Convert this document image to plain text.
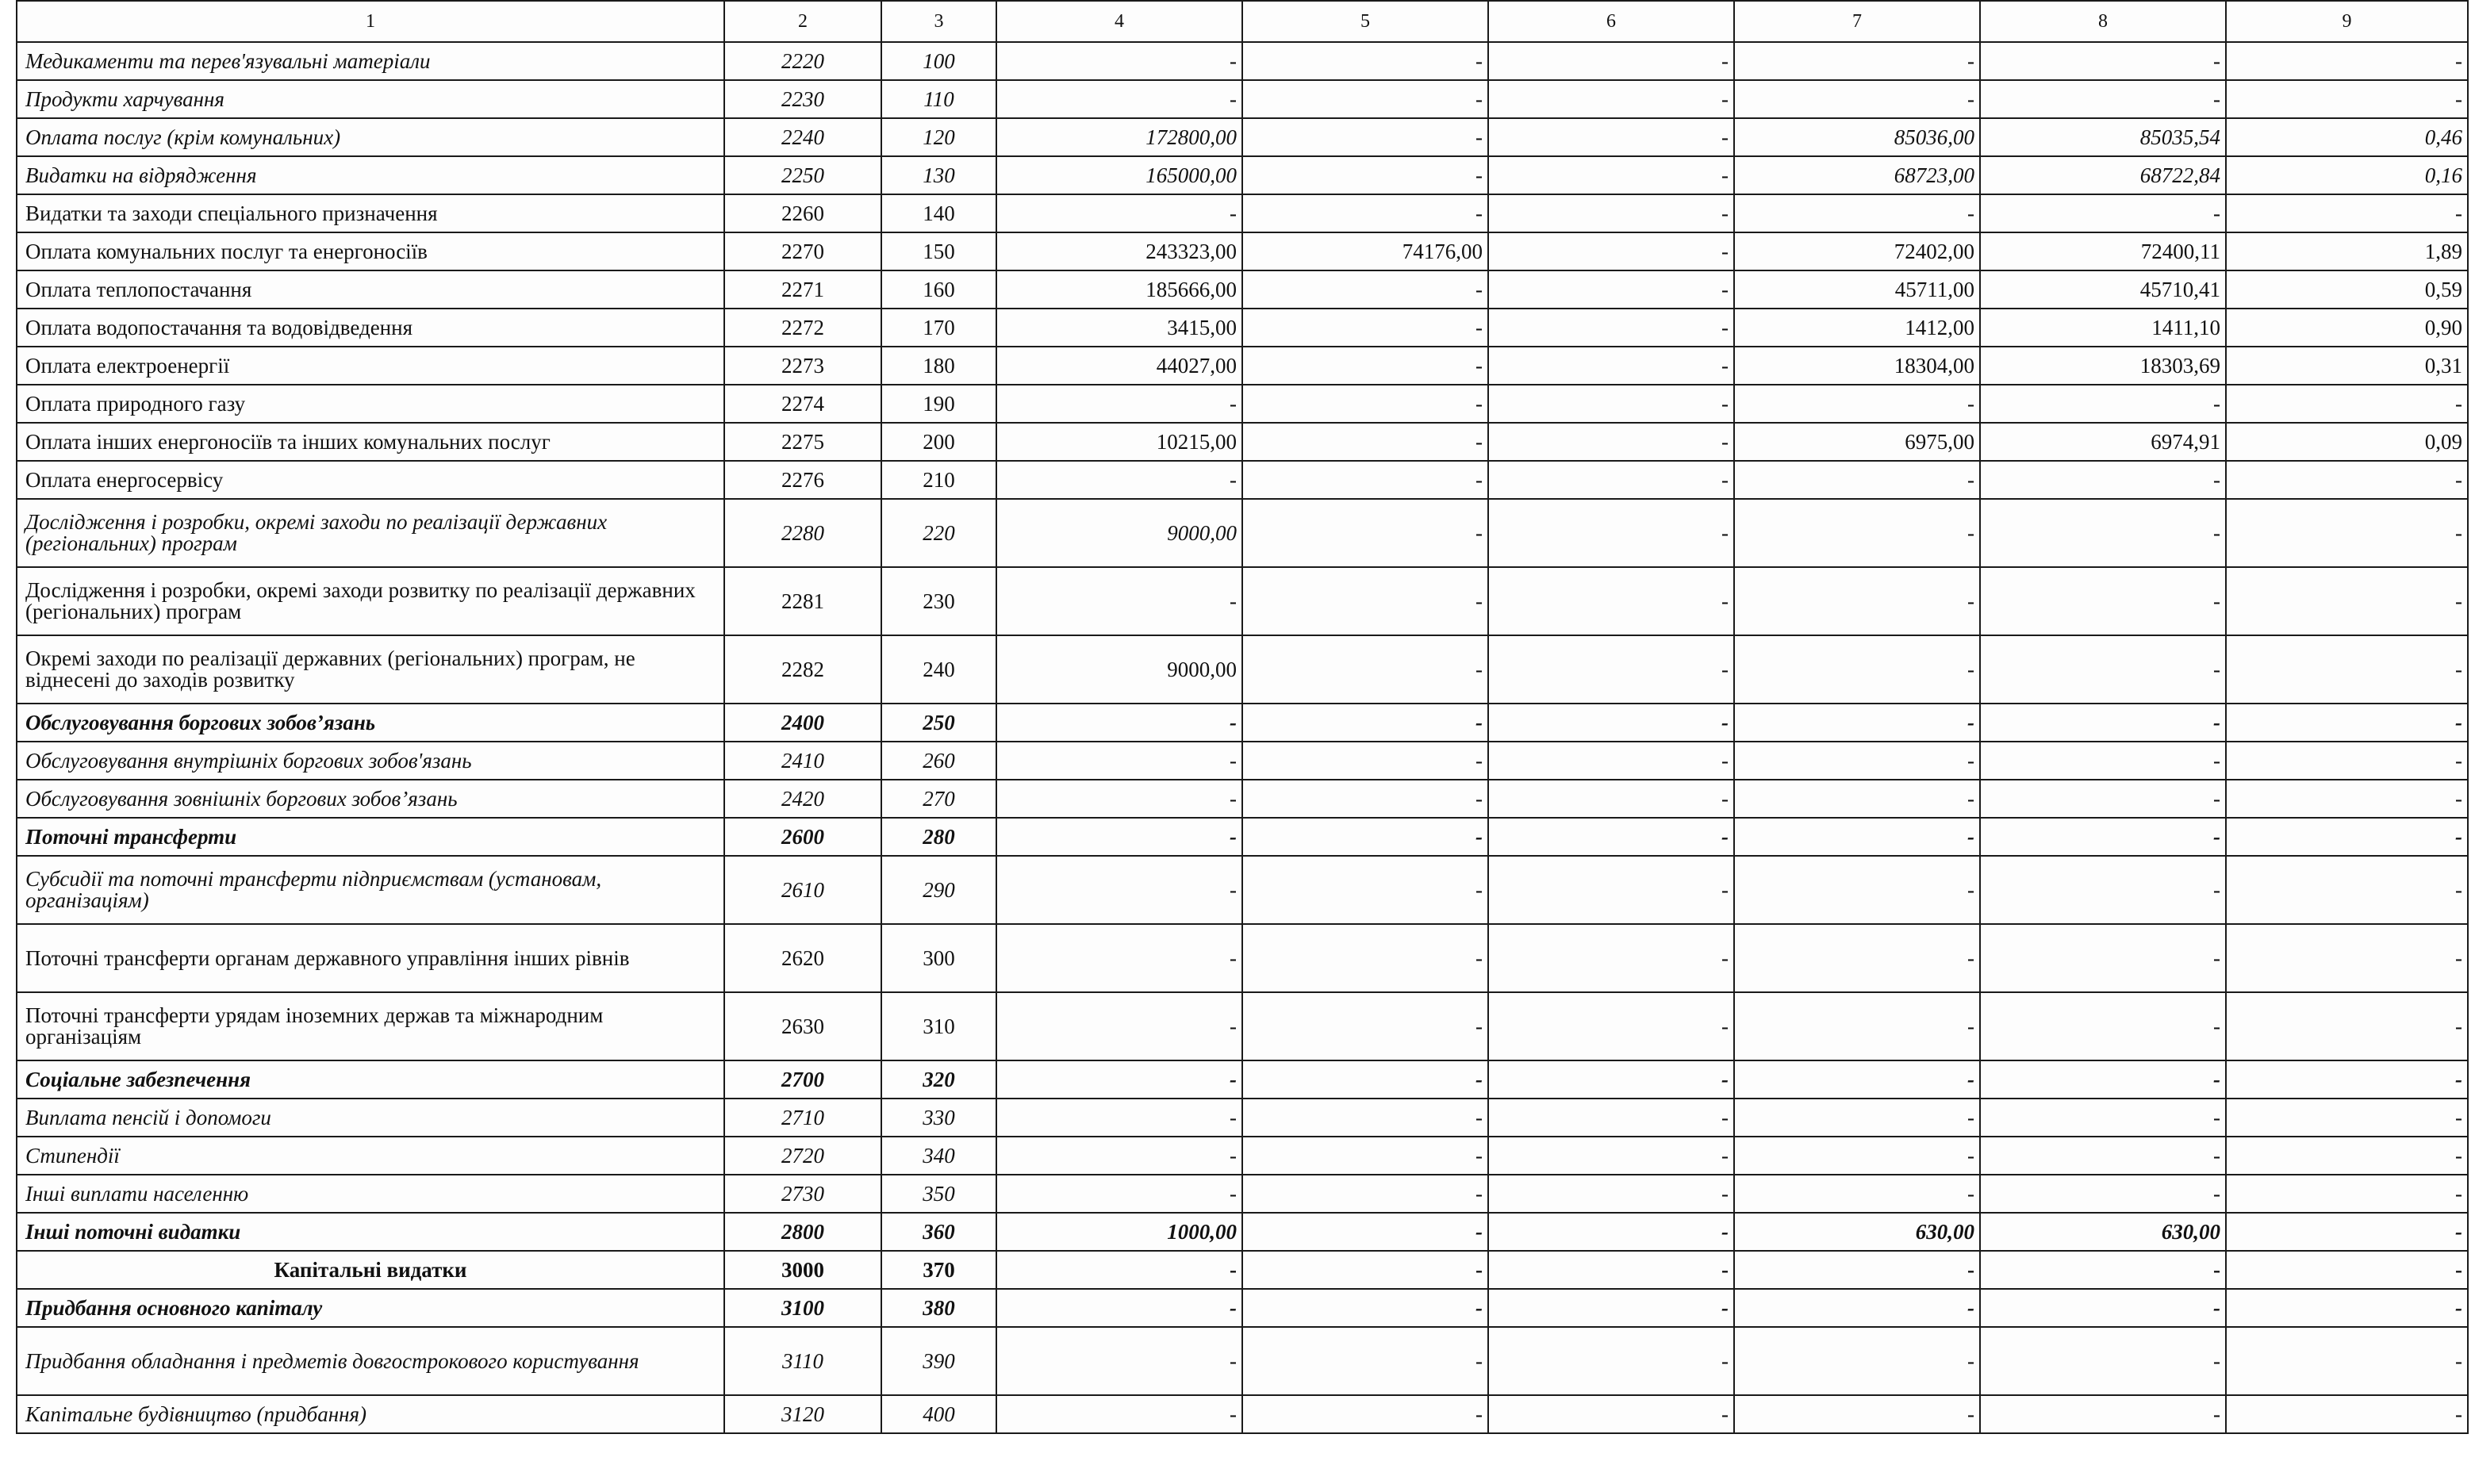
1	2	3	4	5	6	7	8	9
Медикаменти та перев'язувальні матеріали	2220	100	-	-	-	-	-	-
Продукти харчування	2230	110	-	-	-	-	-	-
Оплата послуг (крім комунальних)	2240	120	172800,00	-	-	85036,00	85035,54	0,46
Видатки на відрядження	2250	130	165000,00	-	-	68723,00	68722,84	0,16
Видатки та заходи спеціального призначення	2260	140	-	-	-	-	-	-
Оплата комунальних послуг та енергоносіїв	2270	150	243323,00	74176,00	-	72402,00	72400,11	1,89
Оплата теплопостачання	2271	160	185666,00	-	-	45711,00	45710,41	0,59
Оплата водопостачання та водовідведення	2272	170	3415,00	-	-	1412,00	1411,10	0,90
Оплата електроенергії	2273	180	44027,00	-	-	18304,00	18303,69	0,31
Оплата природного газу	2274	190	-	-	-	-	-	-
Оплата інших енергоносіїв та інших комунальних послуг	2275	200	10215,00	-	-	6975,00	6974,91	0,09
Оплата енергосервісу	2276	210	-	-	-	-	-	-
Дослідження і розробки, окремі заходи по реалізації державних (регіональних) програм	2280	220	9000,00	-	-	-	-	-
Дослідження і розробки, окремі заходи розвитку по реалізації державних (регіональних) програм	2281	230	-	-	-	-	-	-
Окремі заходи по реалізації державних (регіональних) програм, не віднесені до заходів розвитку	2282	240	9000,00	-	-	-	-	-
Обслуговування боргових зобов’язань	2400	250	-	-	-	-	-	-
Обслуговування внутрішніх боргових зобов'язань	2410	260	-	-	-	-	-	-
Обслуговування зовнішніх боргових зобов’язань	2420	270	-	-	-	-	-	-
Поточні трансферти	2600	280	-	-	-	-	-	-
Субсидії та поточні трансферти підприємствам (установам, організаціям)	2610	290	-	-	-	-	-	-
Поточні трансферти органам державного управління інших рівнів	2620	300	-	-	-	-	-	-
Поточні трансферти урядам іноземних держав та міжнародним організаціям	2630	310	-	-	-	-	-	-
Соціальне забезпечення	2700	320	-	-	-	-	-	-
Виплата пенсій і допомоги	2710	330	-	-	-	-	-	-
Стипендії	2720	340	-	-	-	-	-	-
Інші виплати населенню	2730	350	-	-	-	-	-	-
Інші поточні видатки	2800	360	1000,00	-	-	630,00	630,00	-
Капітальні видатки	3000	370	-	-	-	-	-	-
Придбання основного капіталу	3100	380	-	-	-	-	-	-
Придбання обладнання і предметів довгострокового користування	3110	390	-	-	-	-	-	-
Капітальне будівництво (придбання)	3120	400	-	-	-	-	-	-
